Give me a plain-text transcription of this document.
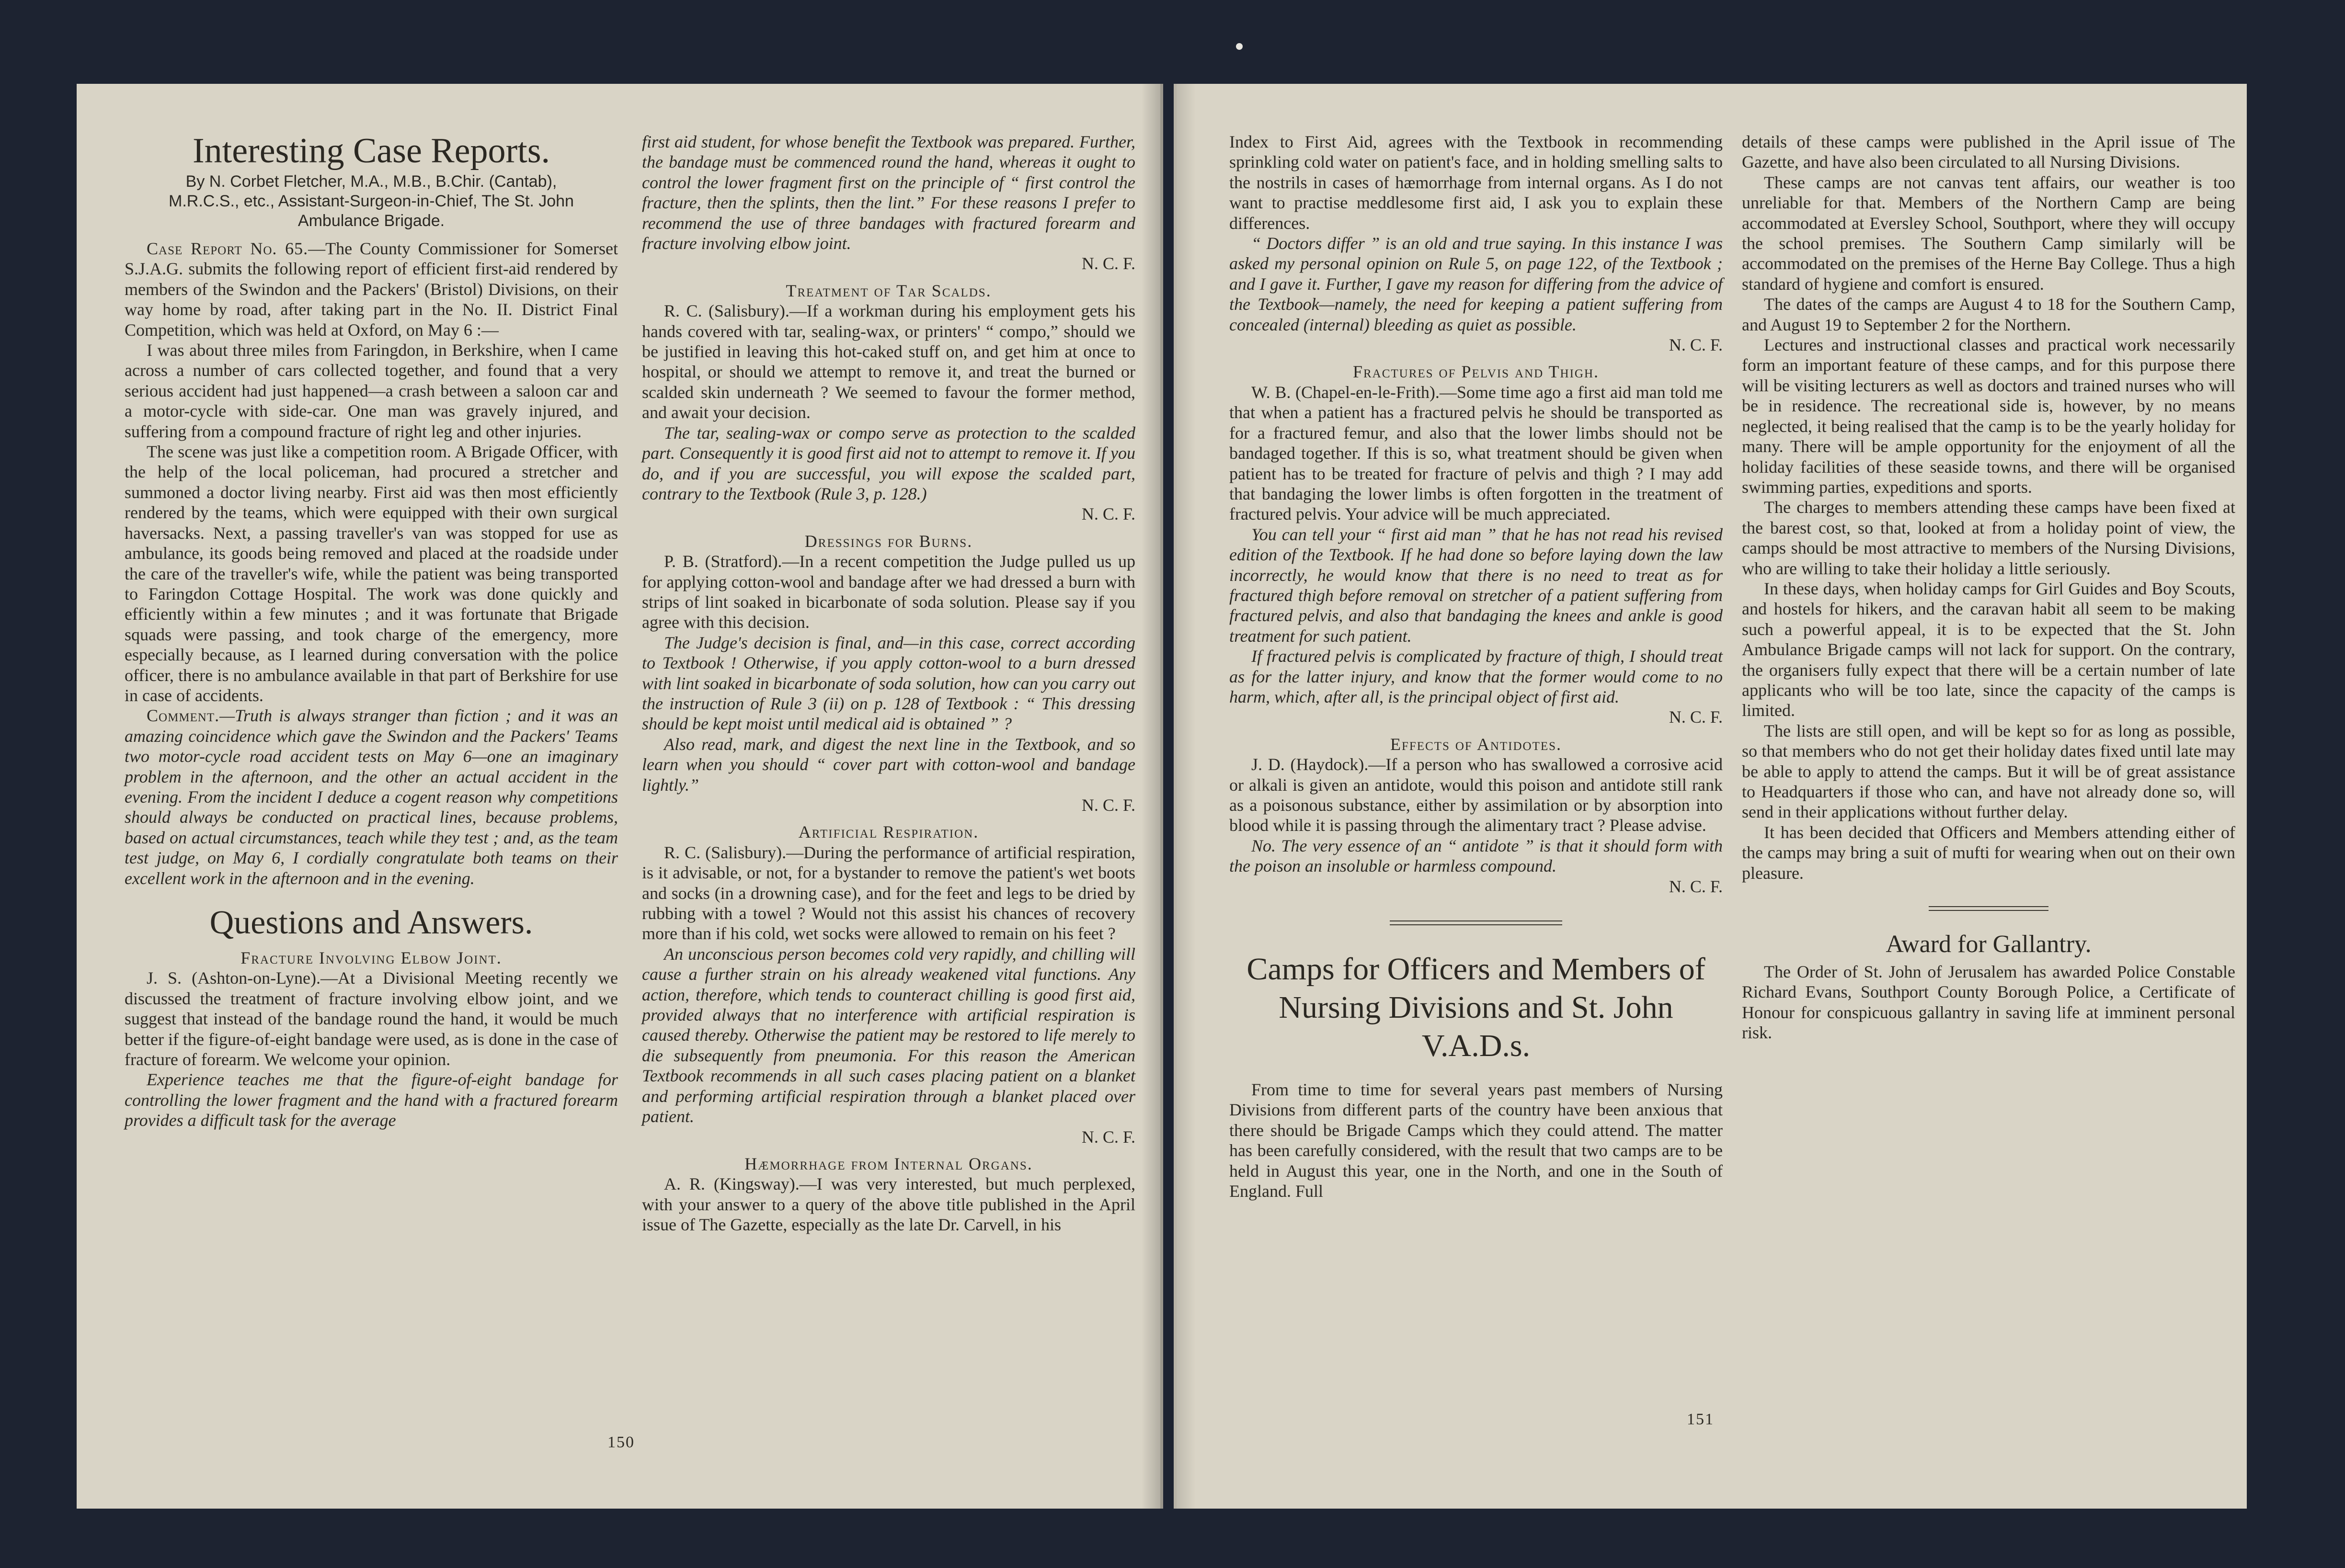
Interesting Case Reports.

By N. Corbet Fletcher, M.A., M.B., B.Chir. (Cantab),

M.R.C.S., etc., Assistant-Surgeon-in-Chief, The St. John

Ambulance Brigade.

Case Report No. 65.—The County Commissioner for Somerset S.J.A.G. submits the following report of efficient first-aid rendered by members of the Swindon and the Packers' (Bristol) Divisions, on their way home by road, after taking part in the No. II. District Final Competition, which was held at Oxford, on May 6 :—

I was about three miles from Faringdon, in Berkshire, when I came across a number of cars collected together, and found that a very serious accident had just happened—a crash between a saloon car and a motor-cycle with side-car. One man was gravely injured, and suffering from a compound fracture of right leg and other injuries.

The scene was just like a competition room. A Brigade Officer, with the help of the local policeman, had procured a stretcher and summoned a doctor living nearby. First aid was then most efficiently rendered by the teams, which were equipped with their own surgical haversacks. Next, a passing traveller's van was stopped for use as ambulance, its goods being removed and placed at the roadside under the care of the traveller's wife, while the patient was being transported to Faringdon Cottage Hospital. The work was done quickly and efficiently within a few minutes ; and it was fortunate that Brigade squads were passing, and took charge of the emergency, more especially because, as I learned during conversation with the police officer, there is no ambulance available in that part of Berkshire for use in case of accidents.

Comment.—Truth is always stranger than fiction ; and it was an amazing coincidence which gave the Swindon and the Packers' Teams two motor-cycle road accident tests on May 6—one an imaginary problem in the afternoon, and the other an actual accident in the evening. From the incident I deduce a cogent reason why competitions should always be conducted on practical lines, because problems, based on actual circumstances, teach while they test ; and, as the team test judge, on May 6, I cordially congratulate both teams on their excellent work in the afternoon and in the evening.

Questions and Answers.

Fracture Involving Elbow Joint.

J. S. (Ashton-on-Lyne).—At a Divisional Meeting recently we discussed the treatment of fracture involving elbow joint, and we suggest that instead of the bandage round the hand, it would be much better if the figure-of-eight bandage were used, as is done in the case of fracture of forearm. We welcome your opinion.

Experience teaches me that the figure-of-eight bandage for controlling the lower fragment and the hand with a fractured forearm provides a difficult task for the average

first aid student, for whose benefit the Textbook was prepared. Further, the bandage must be commenced round the hand, whereas it ought to control the lower fragment first on the principle of “ first control the fracture, then the splints, then the lint.” For these reasons I prefer to recommend the use of three bandages with fractured forearm and fracture involving elbow joint.

N. C. F.

Treatment of Tar Scalds.

R. C. (Salisbury).—If a workman during his employment gets his hands covered with tar, sealing-wax, or printers' “ compo,” should we be justified in leaving this hot-caked stuff on, and get him at once to hospital, or should we attempt to remove it, and treat the burned or scalded skin underneath ? We seemed to favour the former method, and await your decision.

The tar, sealing-wax or compo serve as protection to the scalded part. Consequently it is good first aid not to attempt to remove it. If you do, and if you are successful, you will expose the scalded part, contrary to the Textbook (Rule 3, p. 128.)

N. C. F.

Dressings for Burns.

P. B. (Stratford).—In a recent competition the Judge pulled us up for applying cotton-wool and bandage after we had dressed a burn with strips of lint soaked in bicarbonate of soda solution. Please say if you agree with this decision.

The Judge's decision is final, and—in this case, correct according to Textbook ! Otherwise, if you apply cotton-wool to a burn dressed with lint soaked in bicarbonate of soda solution, how can you carry out the instruction of Rule 3 (ii) on p. 128 of Textbook : “ This dressing should be kept moist until medical aid is obtained ” ?

Also read, mark, and digest the next line in the Textbook, and so learn when you should “ cover part with cotton-wool and bandage lightly.”

N. C. F.

Artificial Respiration.

R. C. (Salisbury).—During the performance of artificial respiration, is it advisable, or not, for a bystander to remove the patient's wet boots and socks (in a drowning case), and for the feet and legs to be dried by rubbing with a towel ? Would not this assist his chances of recovery more than if his cold, wet socks were allowed to remain on his feet ?

An unconscious person becomes cold very rapidly, and chilling will cause a further strain on his already weakened vital functions. Any action, therefore, which tends to counteract chilling is good first aid, provided always that no interference with artificial respiration is caused thereby. Otherwise the patient may be restored to life merely to die subsequently from pneumonia. For this reason the American Textbook recommends in all such cases placing patient on a blanket and performing artificial respiration through a blanket placed over patient.

N. C. F.

Hæmorrhage from Internal Organs.

A. R. (Kingsway).—I was very interested, but much perplexed, with your answer to a query of the above title published in the April issue of The Gazette, especially as the late Dr. Carvell, in his

150

Index to First Aid, agrees with the Textbook in recommending sprinkling cold water on patient's face, and in holding smelling salts to the nostrils in cases of hæmorrhage from internal organs. As I do not want to practise meddlesome first aid, I ask you to explain these differences.

“ Doctors differ ” is an old and true saying. In this instance I was asked my personal opinion on Rule 5, on page 122, of the Textbook ; and I gave it. Further, I gave my reason for differing from the advice of the Textbook—namely, the need for keeping a patient suffering from concealed (internal) bleeding as quiet as possible.

N. C. F.

Fractures of Pelvis and Thigh.

W. B. (Chapel-en-le-Frith).—Some time ago a first aid man told me that when a patient has a fractured pelvis he should be transported as for a fractured femur, and also that the lower limbs should not be bandaged together. If this is so, what treatment should be given when patient has to be treated for fracture of pelvis and thigh ? I may add that bandaging the lower limbs is often forgotten in the treatment of fractured pelvis. Your advice will be much appreciated.

You can tell your “ first aid man ” that he has not read his revised edition of the Textbook. If he had done so before laying down the law incorrectly, he would know that there is no need to treat as for fractured thigh before removal on stretcher of a patient suffering from fractured pelvis, and also that bandaging the knees and ankle is good treatment for such patient.

If fractured pelvis is complicated by fracture of thigh, I should treat as for the latter injury, and know that the former would come to no harm, which, after all, is the principal object of first aid.

N. C. F.

Effects of Antidotes.

J. D. (Haydock).—If a person who has swallowed a corrosive acid or alkali is given an antidote, would this poison and antidote still rank as a poisonous substance, either by assimilation or by absorption into blood while it is passing through the alimentary tract ? Please advise.

No. The very essence of an “ antidote ” is that it should form with the poison an insoluble or harmless compound.

N. C. F.

Camps for Officers and Members of Nursing Divisions and St. John V.A.D.s.

From time to time for several years past members of Nursing Divisions from different parts of the country have been anxious that there should be Brigade Camps which they could attend. The matter has been carefully considered, with the result that two camps are to be held in August this year, one in the North, and one in the South of England. Full

details of these camps were published in the April issue of The Gazette, and have also been circulated to all Nursing Divisions.

These camps are not canvas tent affairs, our weather is too unreliable for that. Members of the Northern Camp are being accommodated at Eversley School, Southport, where they will occupy the school premises. The Southern Camp similarly will be accommodated on the premises of the Herne Bay College. Thus a high standard of hygiene and comfort is ensured.

The dates of the camps are August 4 to 18 for the Southern Camp, and August 19 to September 2 for the Northern.

Lectures and instructional classes and practical work necessarily form an important feature of these camps, and for this purpose there will be visiting lecturers as well as doctors and trained nurses who will be in residence. The recreational side is, however, by no means neglected, it being realised that the camp is to be the yearly holiday for many. There will be ample opportunity for the enjoyment of all the holiday facilities of these seaside towns, and there will be organised swimming parties, expeditions and sports.

The charges to members attending these camps have been fixed at the barest cost, so that, looked at from a holiday point of view, the camps should be most attractive to members of the Nursing Divisions, who are willing to take their holiday a little seriously.

In these days, when holiday camps for Girl Guides and Boy Scouts, and hostels for hikers, and the caravan habit all seem to be making such a powerful appeal, it is to be expected that the St. John Ambulance Brigade camps will not lack for support. On the contrary, the organisers fully expect that there will be a certain number of late applicants who will be too late, since the capacity of the camps is limited.

The lists are still open, and will be kept so for as long as possible, so that members who do not get their holiday dates fixed until late may be able to apply to attend the camps. But it will be of great assistance to Headquarters if those who can, and have not already done so, will send in their applications without further delay.

It has been decided that Officers and Members attending either of the camps may bring a suit of mufti for wearing when out on their own pleasure.

Award for Gallantry.

The Order of St. John of Jerusalem has awarded Police Constable Richard Evans, Southport County Borough Police, a Certificate of Honour for conspicuous gallantry in saving life at imminent personal risk.

151
